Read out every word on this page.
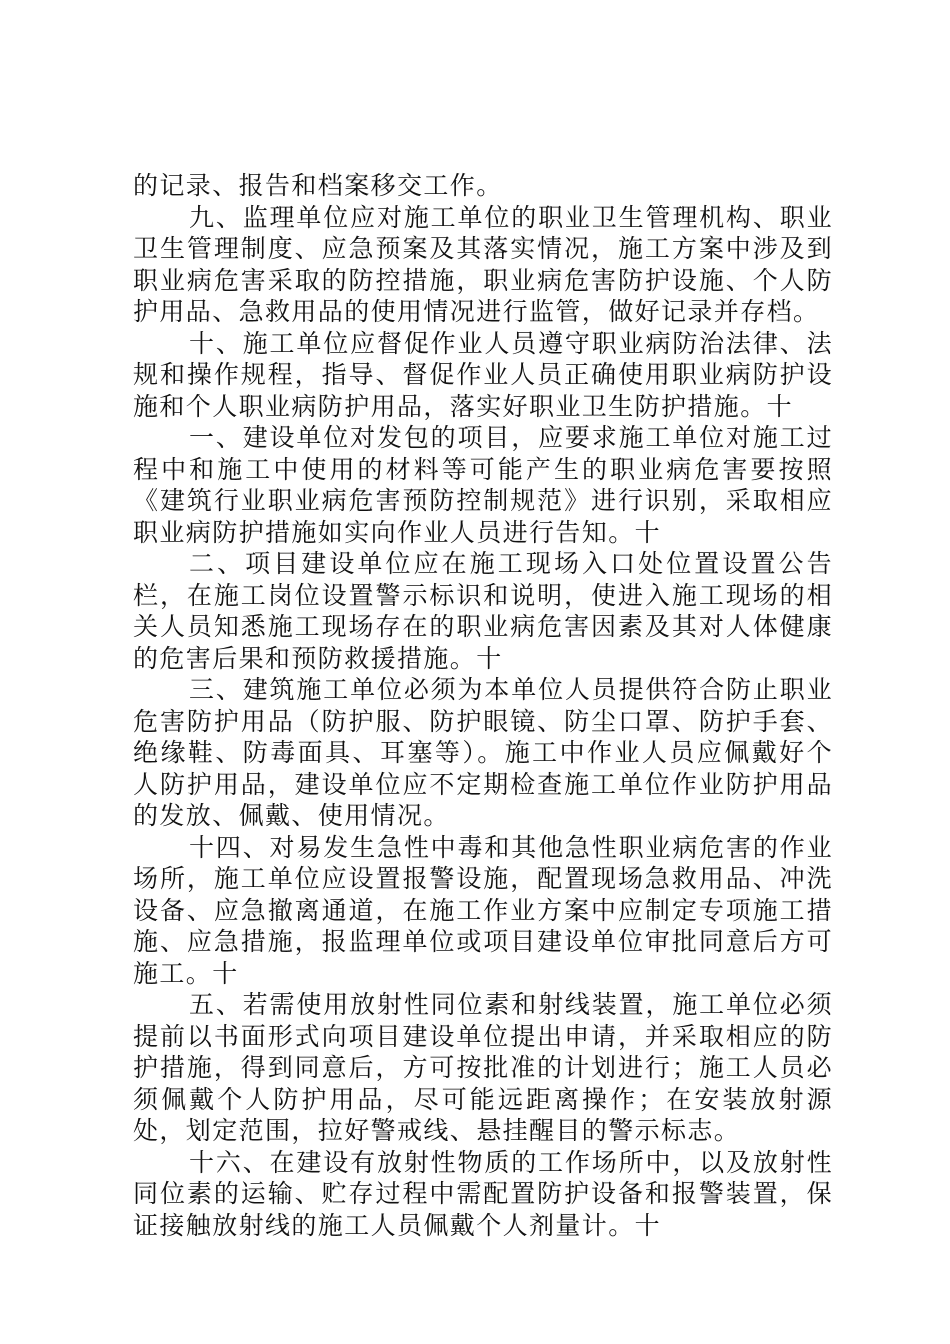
的记录、报告和档案移交工作。

九、监理单位应对施工单位的职业卫生管理机构、职业卫生管理制度、应急预案及其落实情况，施工方案中涉及到职业病危害采取的防控措施，职业病危害防护设施、个人防护用品、急救用品的使用情况进行监管，做好记录并存档。

十、施工单位应督促作业人员遵守职业病防治法律、法规和操作规程，指导、督促作业人员正确使用职业病防护设施和个人职业病防护用品，落实好职业卫生防护措施。十

一、建设单位对发包的项目，应要求施工单位对施工过程中和施工中使用的材料等可能产生的职业病危害要按照《建筑行业职业病危害预防控制规范》进行识别，采取相应职业病防护措施如实向作业人员进行告知。十

二、项目建设单位应在施工现场入口处位置设置公告栏，在施工岗位设置警示标识和说明，使进入施工现场的相关人员知悉施工现场存在的职业病危害因素及其对人体健康的危害后果和预防救援措施。十

三、建筑施工单位必须为本单位人员提供符合防止职业危害防护用品（防护服、防护眼镜、防尘口罩、防护手套、绝缘鞋、防毒面具、耳塞等）。施工中作业人员应佩戴好个人防护用品，建设单位应不定期检查施工单位作业防护用品的发放、佩戴、使用情况。

十四、对易发生急性中毒和其他急性职业病危害的作业场所，施工单位应设置报警设施，配置现场急救用品、冲洗设备、应急撤离通道，在施工作业方案中应制定专项施工措施、应急措施，报监理单位或项目建设单位审批同意后方可施工。十

五、若需使用放射性同位素和射线装置，施工单位必须提前以书面形式向项目建设单位提出申请，并采取相应的防护措施，得到同意后，方可按批准的计划进行；施工人员必须佩戴个人防护用品，尽可能远距离操作；在安装放射源处，划定范围，拉好警戒线、悬挂醒目的警示标志。

十六、在建设有放射性物质的工作场所中，以及放射性同位素的运输、贮存过程中需配置防护设备和报警装置，保证接触放射线的施工人员佩戴个人剂量计。十
